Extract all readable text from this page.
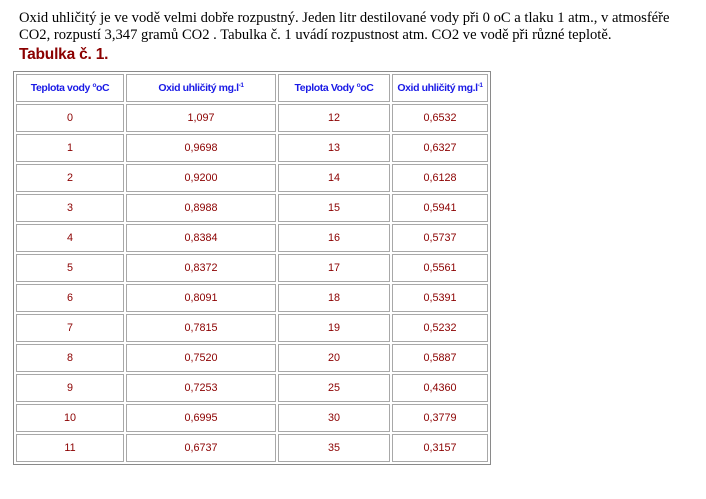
Oxid uhličitý je ve vodě velmi dobře rozpustný. Jeden litr destilované vody při 0 oC a tlaku 1 atm., v atmosféře
CO2, rozpustí 3,347 gramů CO2 . Tabulka č. 1 uvádí rozpustnost atm. CO2 ve vodě při různé teplotě.

Tabulka č. 1.
Teplota vody $^o$oC	Oxid uhličitý $mg.l^{-1}$	Teplota Vody $^o$oC	Oxid uhličitý $mg.l^{-1}$
0	1,097	12	0,6532
1	0,9698	13	0,6327
2	0,9200	14	0,6128
3	0,8988	15	0,5941
4	0,8384	16	0,5737
5	0,8372	17	0,5561
6	0,8091	18	0,5391
7	0,7815	19	0,5232
8	0,7520	20	0,5887
9	0,7253	25	0,4360
10	0,6995	30	0,3779
11	0,6737	35	0,3157
